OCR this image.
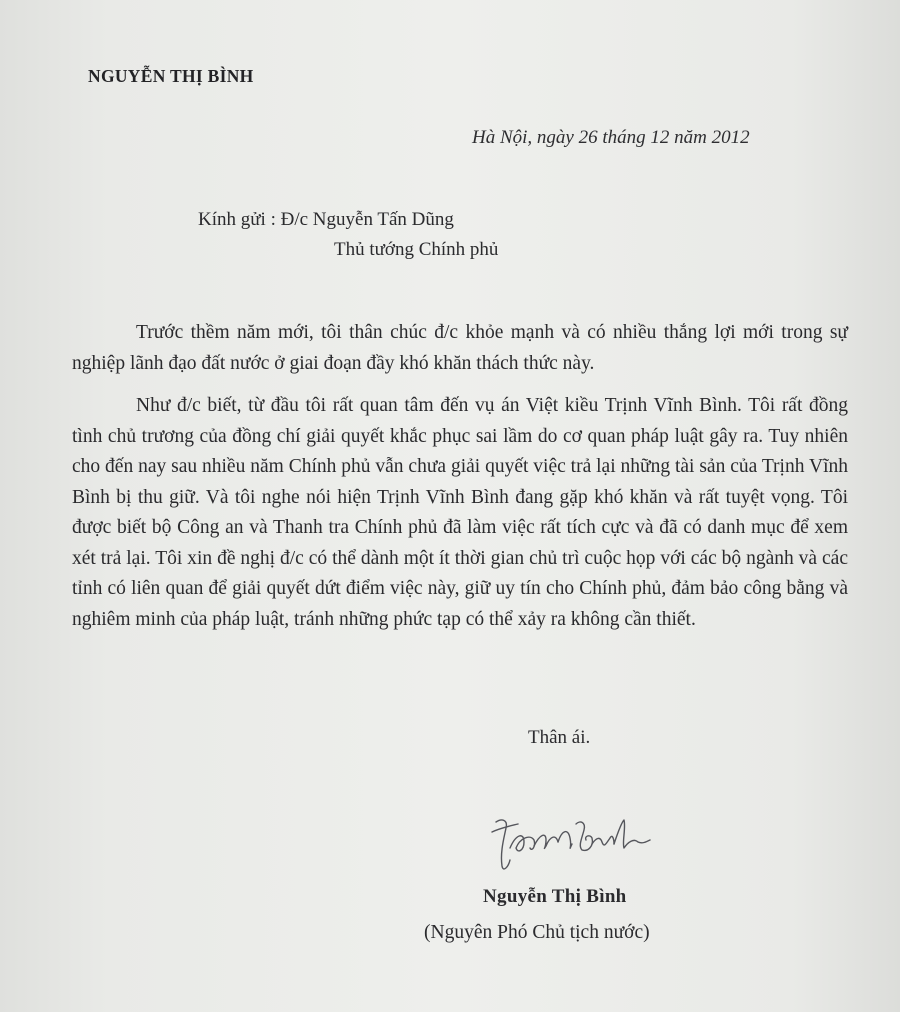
NGUYỄN THỊ BÌNH
Hà Nội, ngày 26 tháng 12 năm 2012
Kính gửi : Đ/c Nguyễn Tấn Dũng
Thủ tướng Chính phủ

Trước thềm năm mới, tôi thân chúc đ/c khỏe mạnh và có nhiều thắng lợi mới trong sự nghiệp lãnh đạo đất nước ở giai đoạn đầy khó khăn thách thức này.

Như đ/c biết, từ đầu tôi rất quan tâm đến vụ án Việt kiều Trịnh Vĩnh Bình. Tôi rất đồng tình chủ trương của đồng chí giải quyết khắc phục sai lầm do cơ quan pháp luật gây ra. Tuy nhiên cho đến nay sau nhiều năm Chính phủ vẫn chưa giải quyết việc trả lại những tài sản của Trịnh Vĩnh Bình bị thu giữ. Và tôi nghe nói hiện Trịnh Vĩnh Bình đang gặp khó khăn và rất tuyệt vọng. Tôi được biết bộ Công an và Thanh tra Chính phủ đã làm việc rất tích cực và đã có danh mục để xem xét trả lại. Tôi xin đề nghị đ/c có thể dành một ít thời gian chủ trì cuộc họp với các bộ ngành và các tỉnh có liên quan để giải quyết dứt điểm việc này, giữ uy tín cho Chính phủ, đảm bảo công bằng và nghiêm minh của pháp luật, tránh những phức tạp có thể xảy ra không cần thiết.

Thân ái.
Nguyễn Thị Bình
(Nguyên Phó Chủ tịch nước)
